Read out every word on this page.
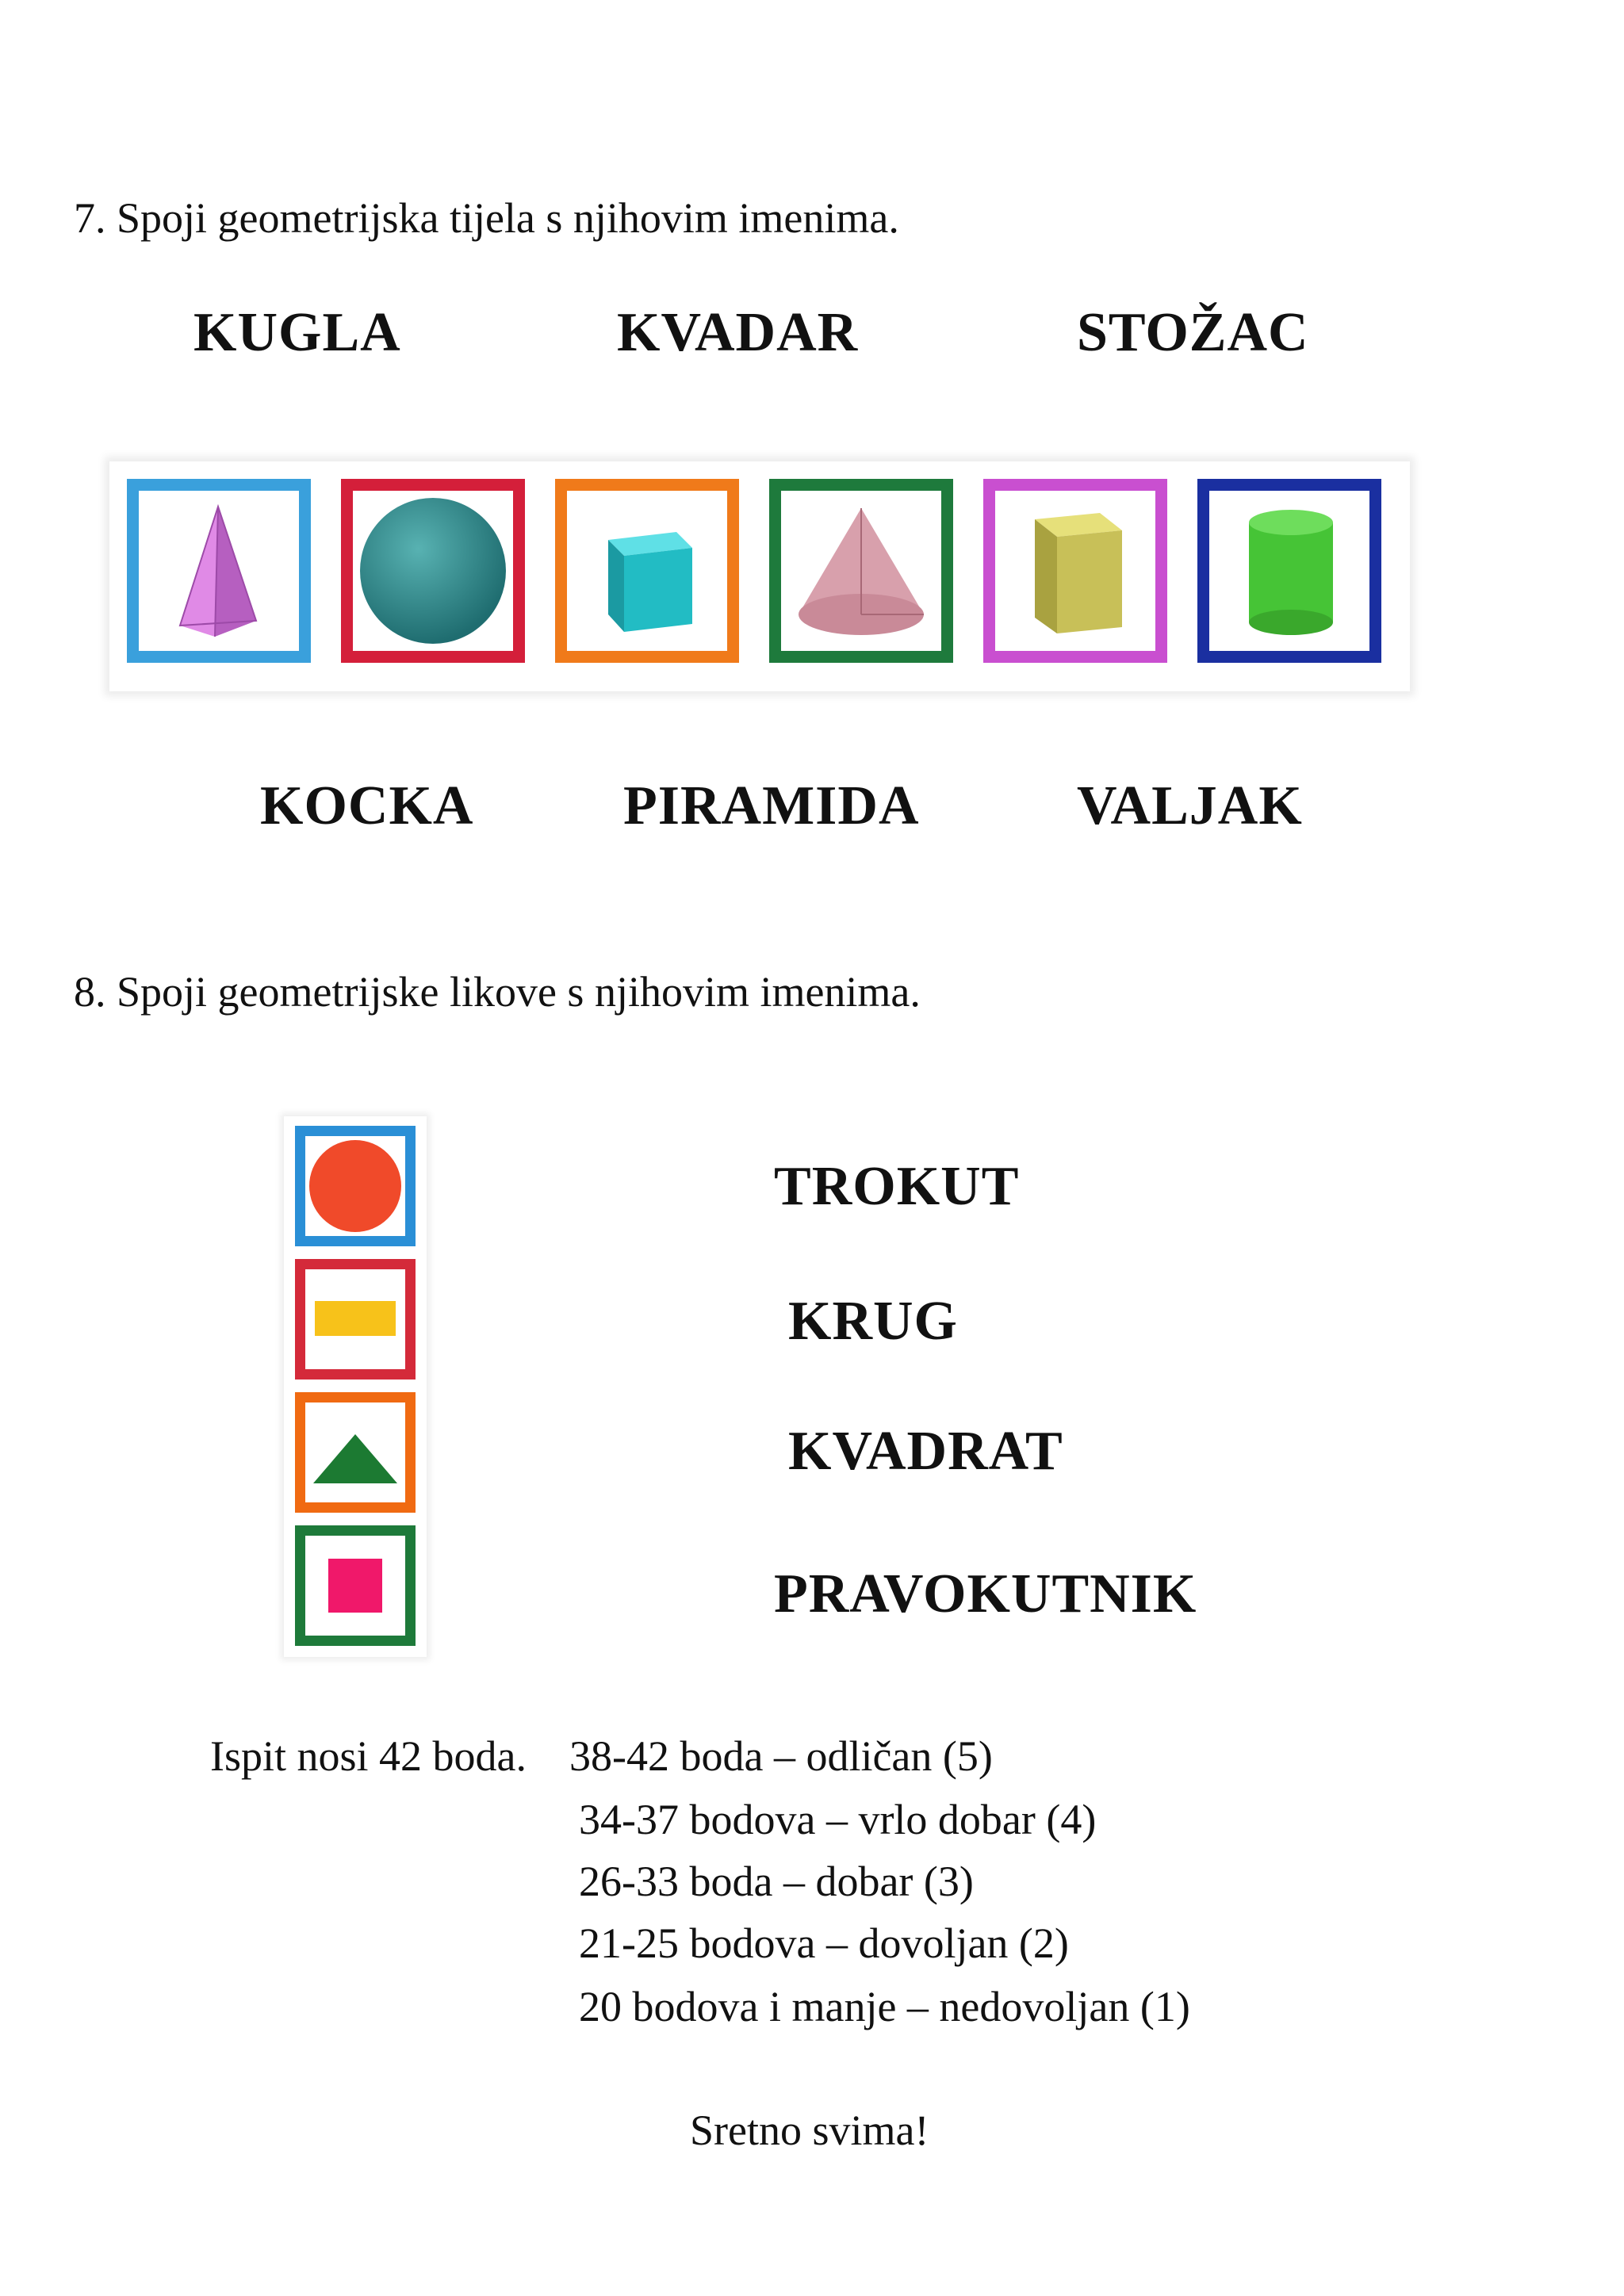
7. Spoji geometrijska tijela s njihovim imenima.
KUGLA	KVADAR	STOŽAC
KOCKA	PIRAMIDA	VALJAK
8. Spoji geometrijske likove s njihovim imenima.
TROKUT
KRUG
KVADRAT
PRAVOKUTNIK
Ispit nosi 42 boda. 38-42 boda – odličan (5)
34-37 bodova – vrlo dobar (4)
26-33 boda – dobar (3)
21-25 bodova – dovoljan (2)
20 bodova i manje – nedovoljan (1)
Sretno svima!
